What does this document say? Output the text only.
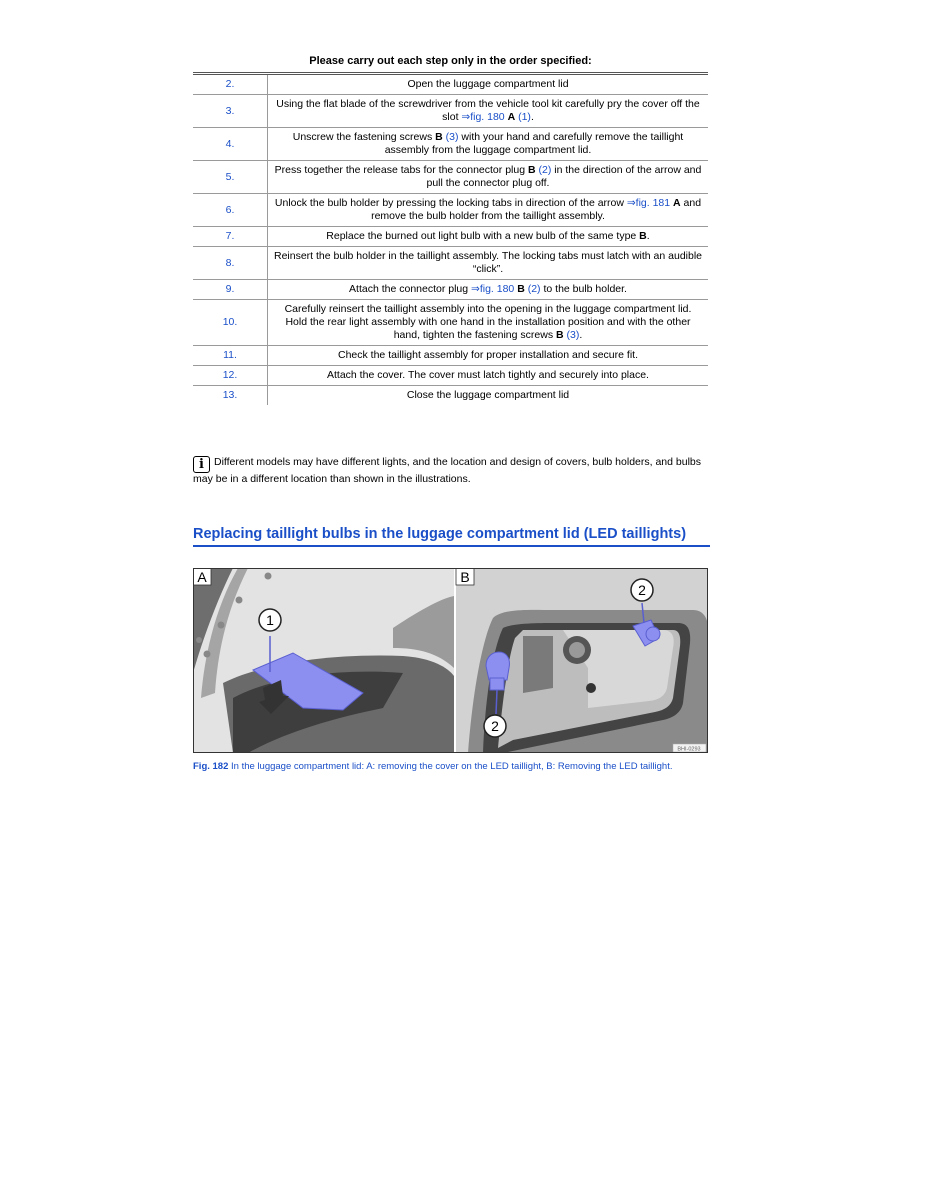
Please carry out each step only in the order specified:
2.	Open the luggage compartment lid
3.	Using the flat blade of the screwdriver from the vehicle tool kit carefully pry the cover off the slot ⇒fig. 180 A (1).
4.	Unscrew the fastening screws B (3) with your hand and carefully remove the taillight assembly from the luggage compartment lid.
5.	Press together the release tabs for the connector plug B (2) in the direction of the arrow and pull the connector plug off.
6.	Unlock the bulb holder by pressing the locking tabs in direction of the arrow ⇒fig. 181 A and remove the bulb holder from the taillight assembly.
7.	Replace the burned out light bulb with a new bulb of the same type B.
8.	Reinsert the bulb holder in the taillight assembly. The locking tabs must latch with an audible “click”.
9.	Attach the connector plug ⇒fig. 180 B (2) to the bulb holder.
10.	Carefully reinsert the taillight assembly into the opening in the luggage compartment lid. Hold the rear light assembly with one hand in the installation position and with the other hand, tighten the fastening screws B (3).
11.	Check the taillight assembly for proper installation and secure fit.
12.	Attach the cover. The cover must latch tightly and securely into place.
13.	Close the luggage compartment lid
i Different models may have different lights, and the location and design of covers, bulb holders, and bulbs may be in a different location than shown in the illustrations.
Replacing taillight bulbs in the luggage compartment lid (LED taillights)
1
A
2
2
B
BHI-0293
Fig. 182 In the luggage compartment lid: A: removing the cover on the LED taillight, B: Removing the LED taillight.
